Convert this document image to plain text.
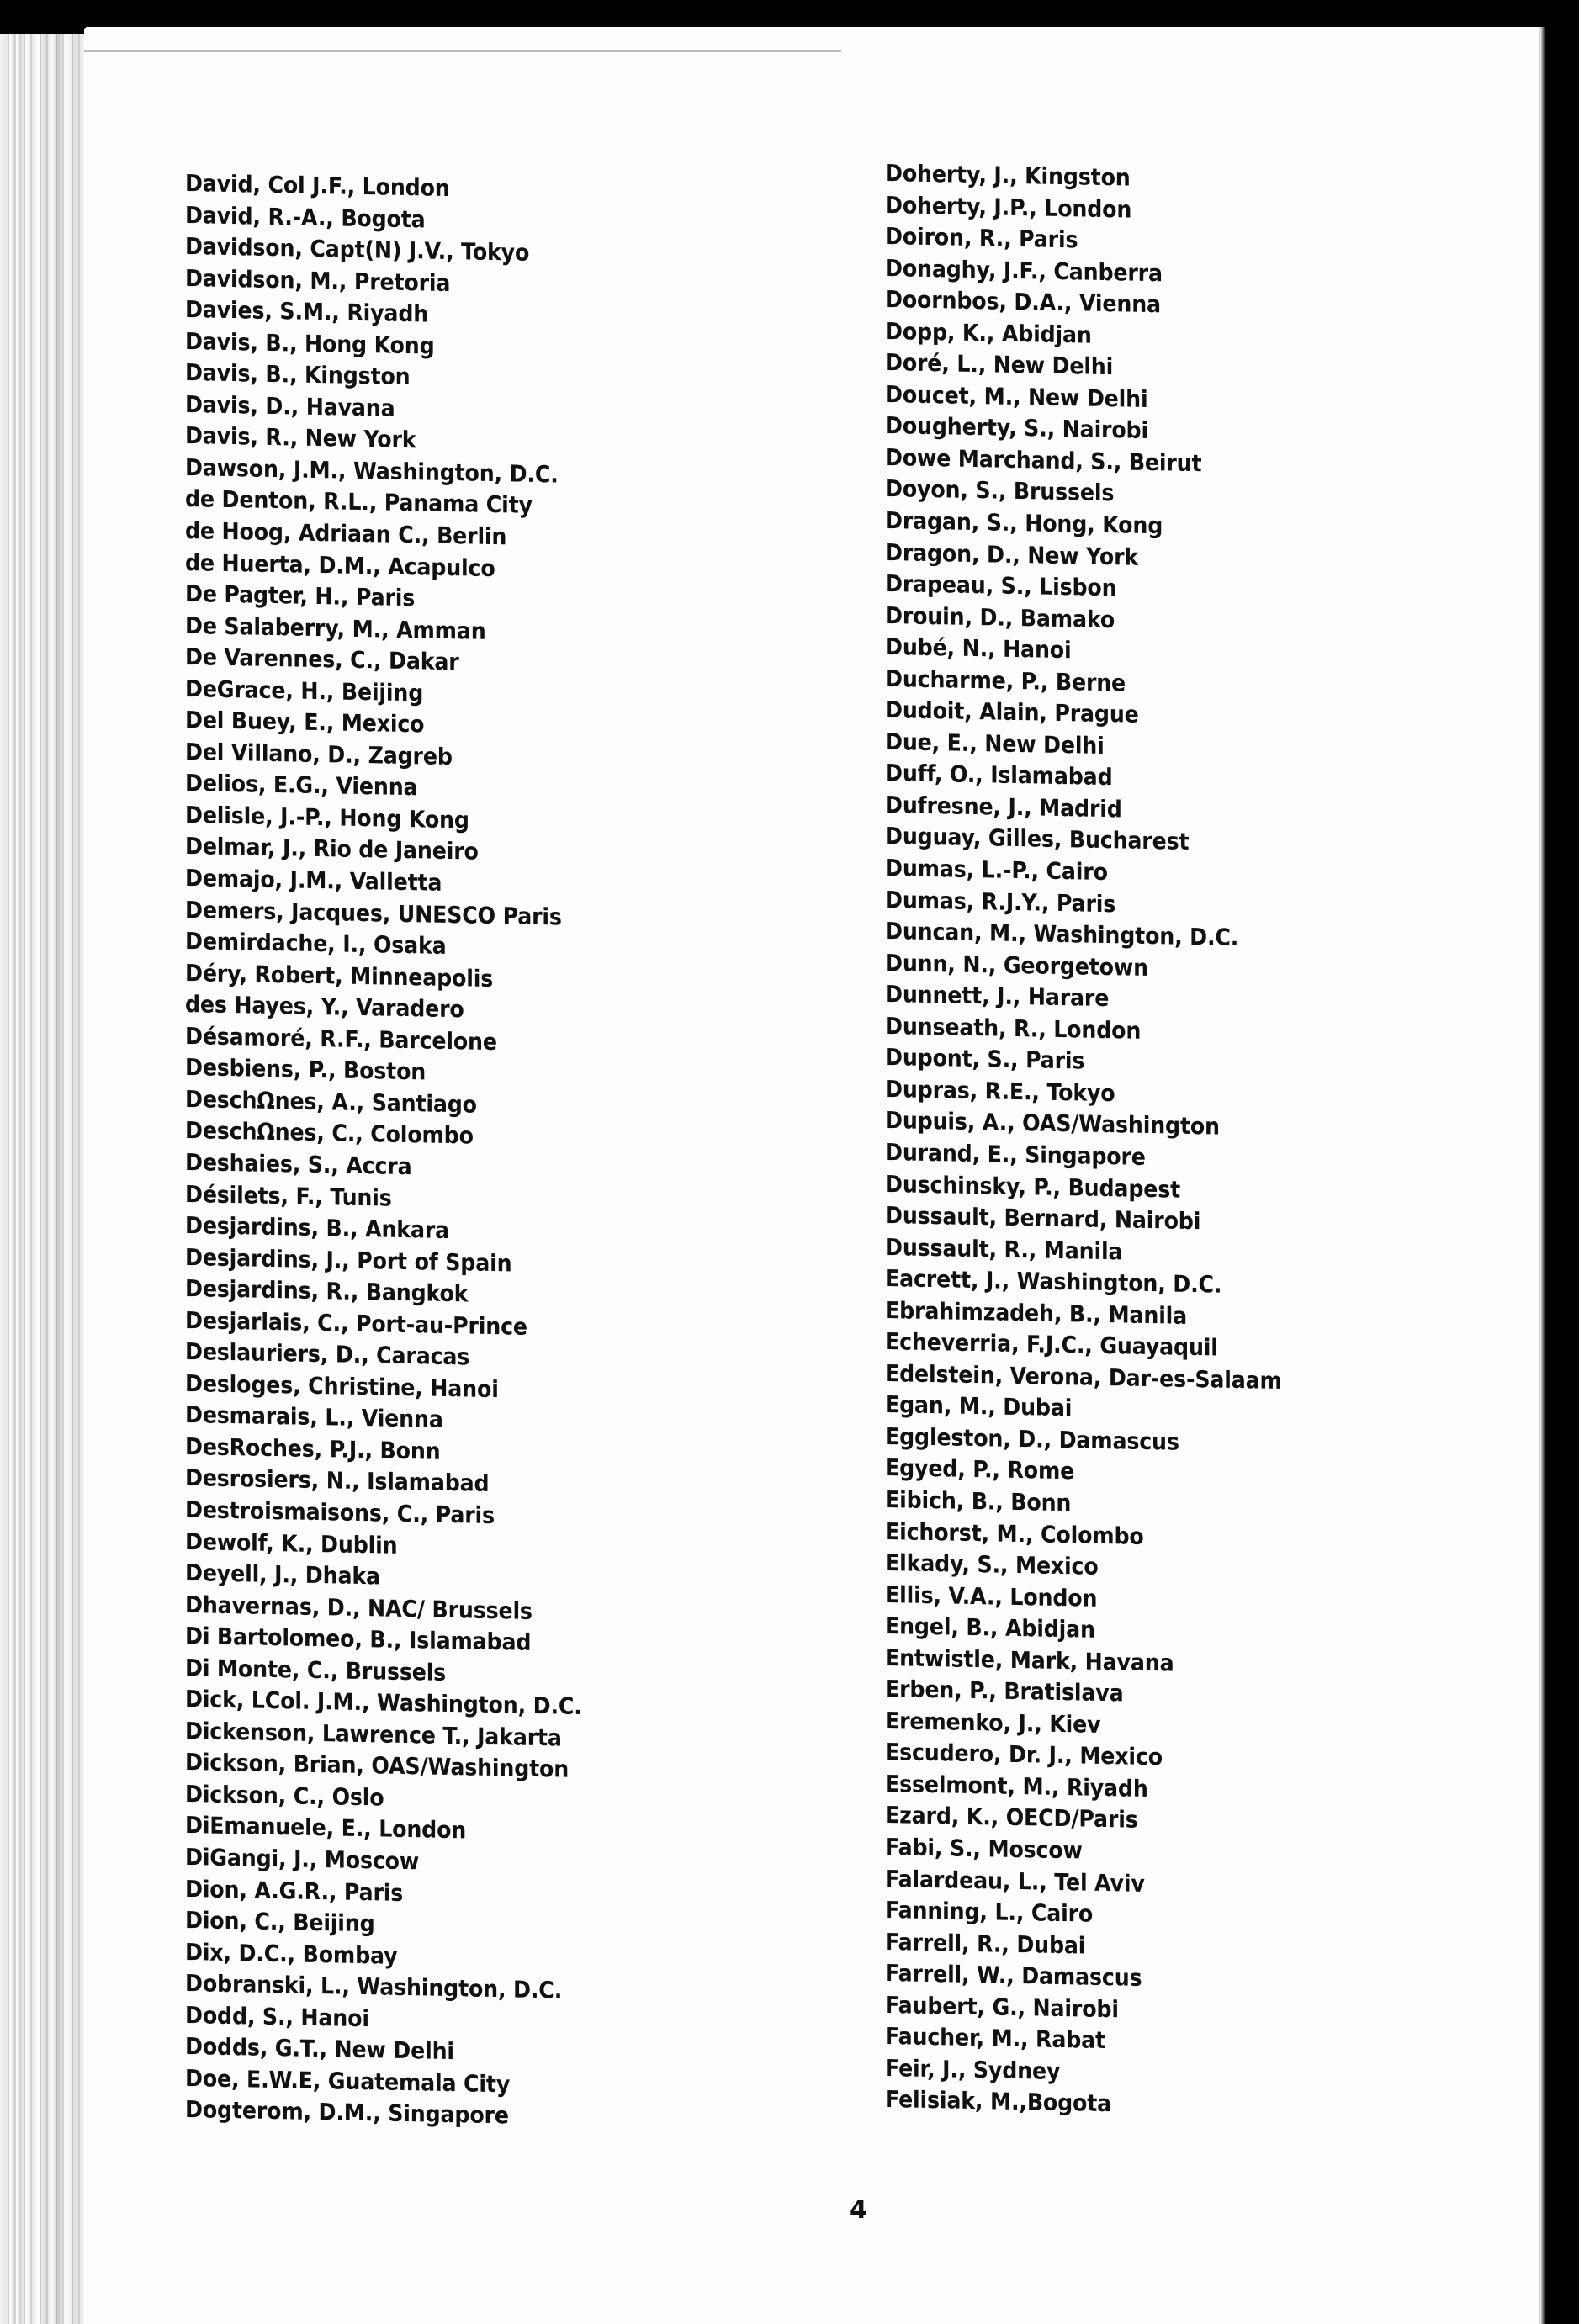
David, Col J.F., London
David, R.-A., Bogota
Davidson, Capt(N) J.V., Tokyo
Davidson, M., Pretoria
Davies, S.M., Riyadh
Davis, B., Hong Kong
Davis, B., Kingston
Davis, D., Havana
Davis, R., New York
Dawson, J.M., Washington, D.C.
de Denton, R.L., Panama City
de Hoog, Adriaan C., Berlin
de Huerta, D.M., Acapulco
De Pagter, H., Paris
De Salaberry, M., Amman
De Varennes, C., Dakar
DeGrace, H., Beijing
Del Buey, E., Mexico
Del Villano, D., Zagreb
Delios, E.G., Vienna
Delisle, J.-P., Hong Kong
Delmar, J., Rio de Janeiro
Demajo, J.M., Valletta
Demers, Jacques, UNESCO Paris
Demirdache, I., Osaka
Déry, Robert, Minneapolis
des Hayes, Y., Varadero
Désamoré, R.F., Barcelone
Desbiens, P., Boston
DeschΩnes, A., Santiago
DeschΩnes, C., Colombo
Deshaies, S., Accra
Désilets, F., Tunis
Desjardins, B., Ankara
Desjardins, J., Port of Spain
Desjardins, R., Bangkok
Desjarlais, C., Port-au-Prince
Deslauriers, D., Caracas
Desloges, Christine, Hanoi
Desmarais, L., Vienna
DesRoches, P.J., Bonn
Desrosiers, N., Islamabad
Destroismaisons, C., Paris
Dewolf, K., Dublin
Deyell, J., Dhaka
Dhavernas, D., NAC/ Brussels
Di Bartolomeo, B., Islamabad
Di Monte, C., Brussels
Dick, LCol. J.M., Washington, D.C.
Dickenson, Lawrence T., Jakarta
Dickson, Brian, OAS/Washington
Dickson, C., Oslo
DiEmanuele, E., London
DiGangi, J., Moscow
Dion, A.G.R., Paris
Dion, C., Beijing
Dix, D.C., Bombay
Dobranski, L., Washington, D.C.
Dodd, S., Hanoi
Dodds, G.T., New Delhi
Doe, E.W.E, Guatemala City
Dogterom, D.M., Singapore
Doherty, J., Kingston
Doherty, J.P., London
Doiron, R., Paris
Donaghy, J.F., Canberra
Doornbos, D.A., Vienna
Dopp, K., Abidjan
Doré, L., New Delhi
Doucet, M., New Delhi
Dougherty, S., Nairobi
Dowe Marchand, S., Beirut
Doyon, S., Brussels
Dragan, S., Hong, Kong
Dragon, D., New York
Drapeau, S., Lisbon
Drouin, D., Bamako
Dubé, N., Hanoi
Ducharme, P., Berne
Dudoit, Alain, Prague
Due, E., New Delhi
Duff, O., Islamabad
Dufresne, J., Madrid
Duguay, Gilles, Bucharest
Dumas, L.-P., Cairo
Dumas, R.J.Y., Paris
Duncan, M., Washington, D.C.
Dunn, N., Georgetown
Dunnett, J., Harare
Dunseath, R., London
Dupont, S., Paris
Dupras, R.E., Tokyo
Dupuis, A., OAS/Washington
Durand, E., Singapore
Duschinsky, P., Budapest
Dussault, Bernard, Nairobi
Dussault, R., Manila
Eacrett, J., Washington, D.C.
Ebrahimzadeh, B., Manila
Echeverria, F.J.C., Guayaquil
Edelstein, Verona, Dar-es-Salaam
Egan, M., Dubai
Eggleston, D., Damascus
Egyed, P., Rome
Eibich, B., Bonn
Eichorst, M., Colombo
Elkady, S., Mexico
Ellis, V.A., London
Engel, B., Abidjan
Entwistle, Mark, Havana
Erben, P., Bratislava
Eremenko, J., Kiev
Escudero, Dr. J., Mexico
Esselmont, M., Riyadh
Ezard, K., OECD/Paris
Fabi, S., Moscow
Falardeau, L., Tel Aviv
Fanning, L., Cairo
Farrell, R., Dubai
Farrell, W., Damascus
Faubert, G., Nairobi
Faucher, M., Rabat
Feir, J., Sydney
Felisiak, M.,Bogota
4
